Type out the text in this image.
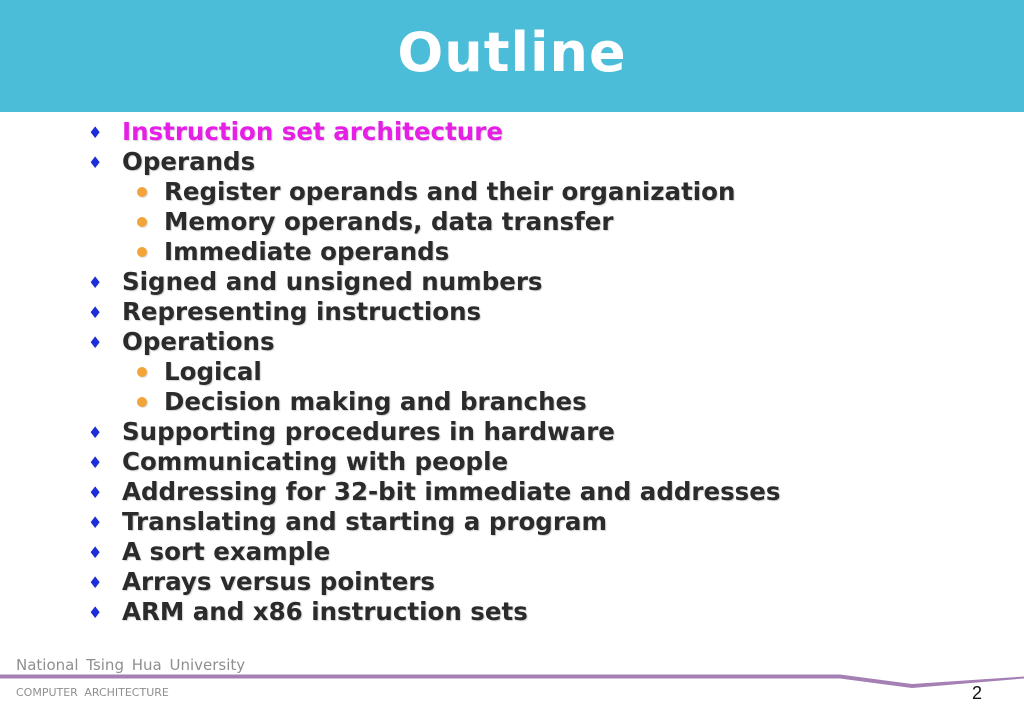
Outline
♦ Instruction set architecture
♦ Operands
Register operands and their organization
Memory operands, data transfer
Immediate operands
♦ Signed and unsigned numbers
♦ Representing instructions
♦ Operations
Logical
Decision making and branches
♦ Supporting procedures in hardware
♦ Communicating with people
♦ Addressing for 32-bit immediate and addresses
♦ Translating and starting a program
♦ A sort example
♦ Arrays versus pointers
♦ ARM and x86 instruction sets
National Tsing Hua University
COMPUTER ARCHITECTURE	2
